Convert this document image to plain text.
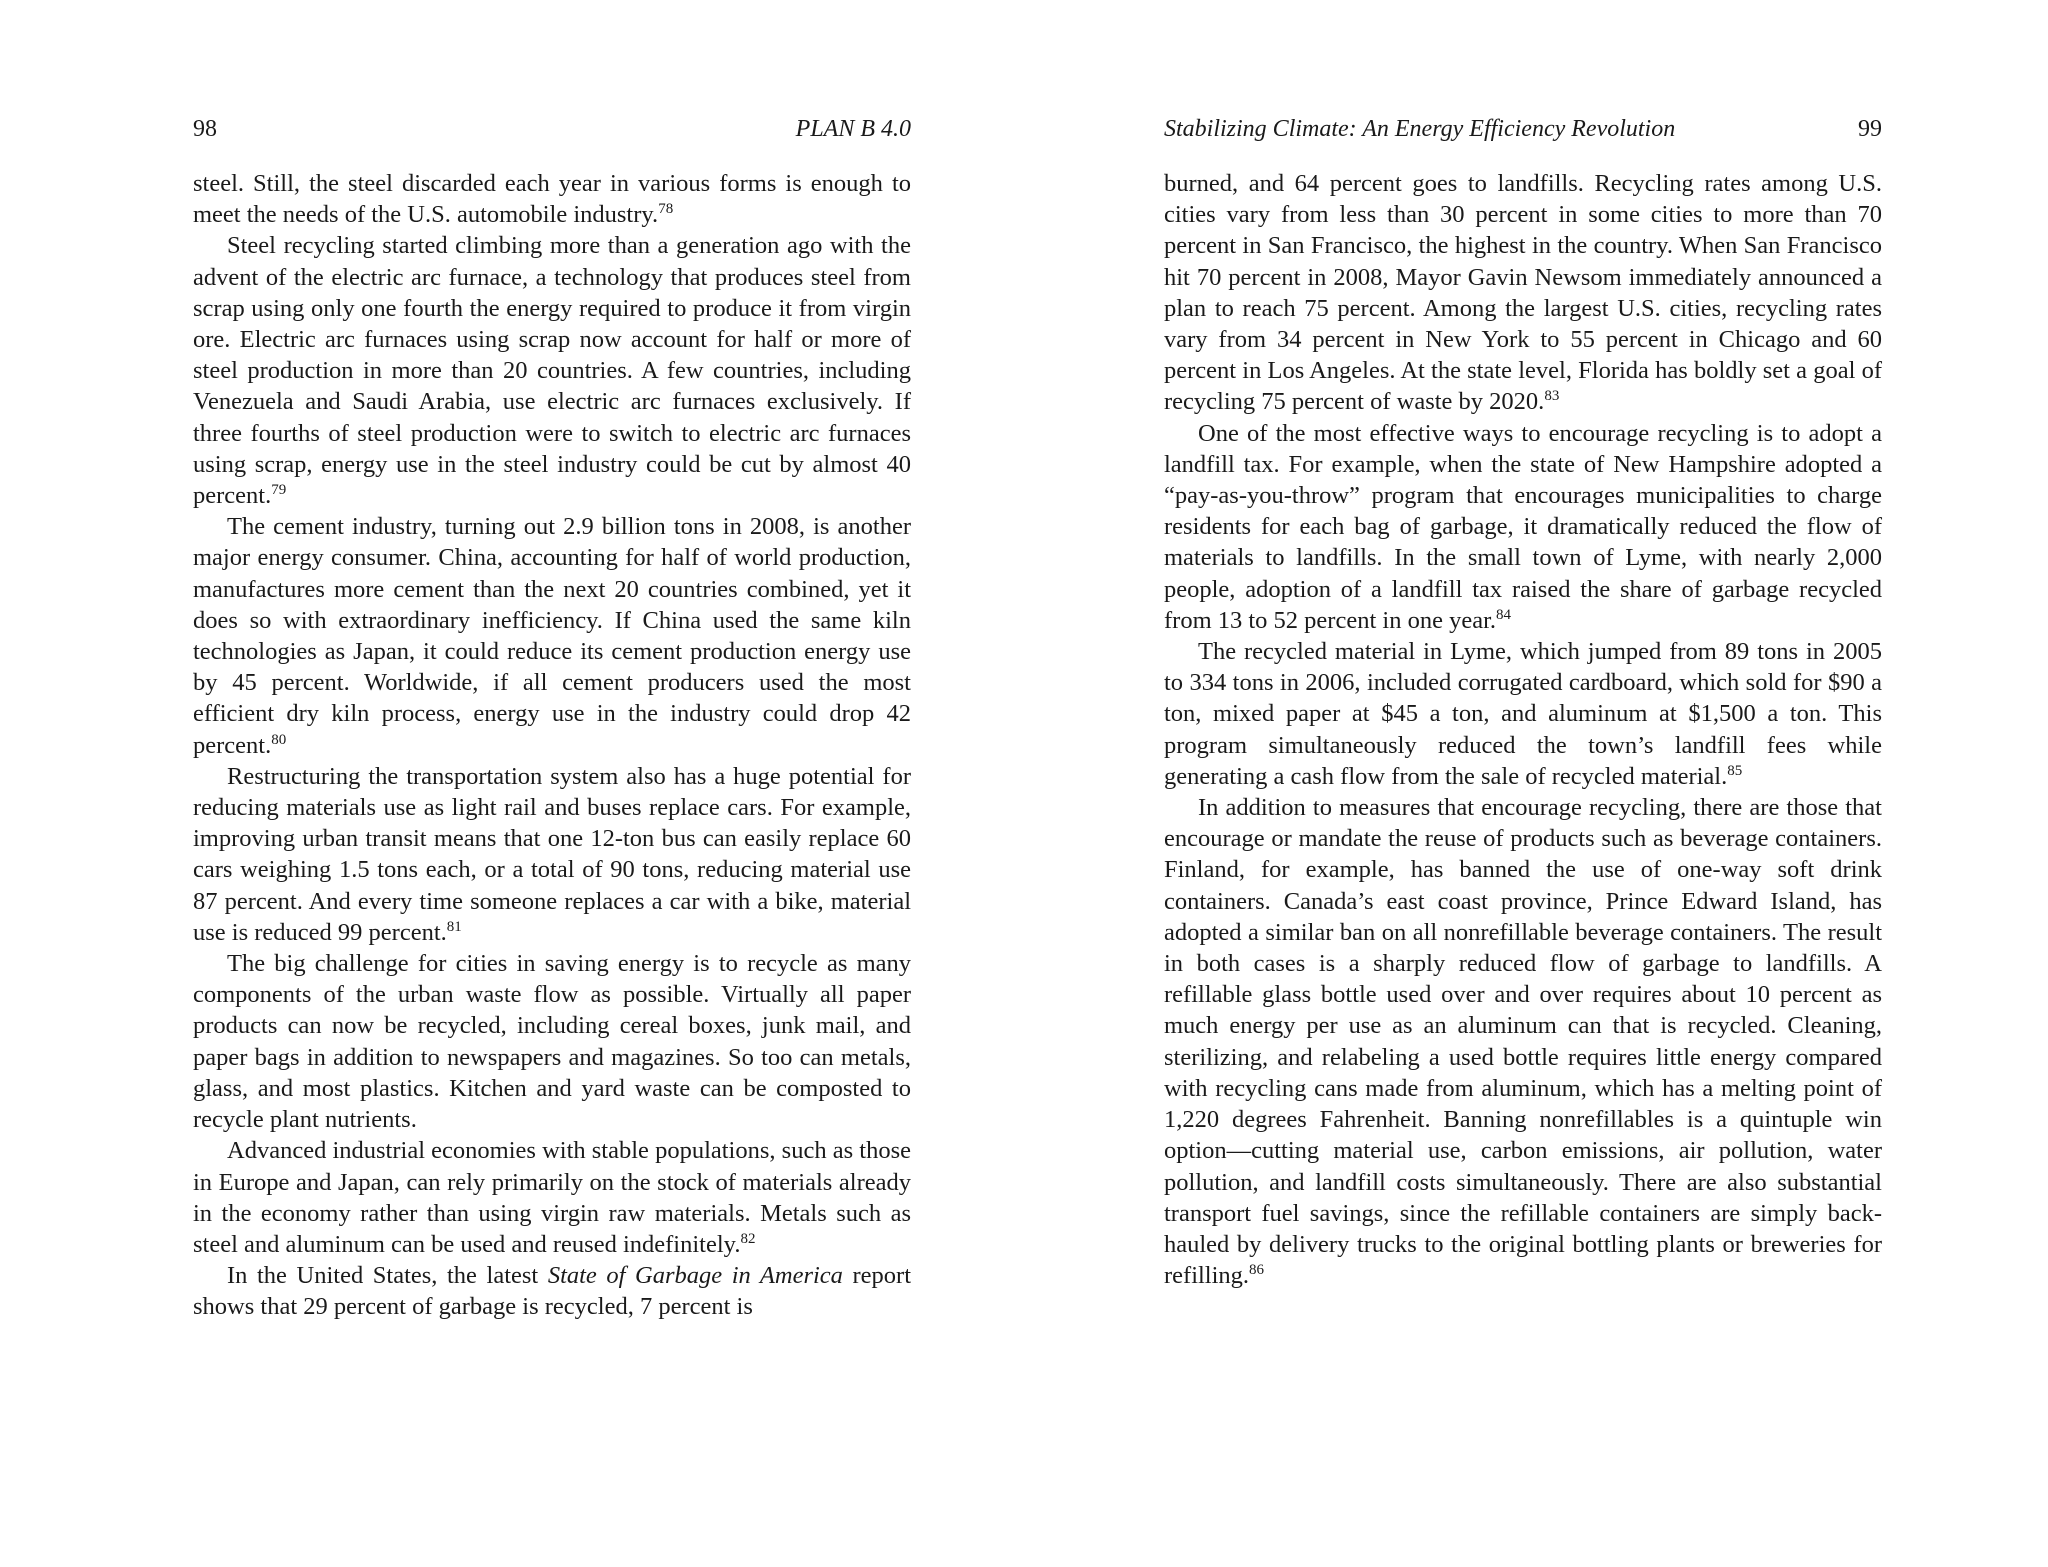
98	PLAN B 4.0

steel. Still, the steel discarded each year in various forms is enough to meet the needs of the U.S. automobile industry.$^{78}$

Steel recycling started climbing more than a generation ago with the advent of the electric arc furnace, a technology that produces steel from scrap using only one fourth the energy required to produce it from virgin ore. Electric arc furnaces using scrap now account for half or more of steel production in more than 20 countries. A few countries, including Venezuela and Saudi Arabia, use electric arc furnaces exclusively. If three fourths of steel production were to switch to electric arc furnaces using scrap, energy use in the steel industry could be cut by almost 40 percent.$^{79}$

The cement industry, turning out 2.9 billion tons in 2008, is another major energy consumer. China, accounting for half of world production, manufactures more cement than the next 20 countries combined, yet it does so with extraordinary inefficiency. If China used the same kiln technologies as Japan, it could reduce its cement production energy use by 45 percent. Worldwide, if all cement producers used the most efficient dry kiln process, energy use in the industry could drop 42 percent.$^{80}$

Restructuring the transportation system also has a huge potential for reducing materials use as light rail and buses replace cars. For example, improving urban transit means that one 12-ton bus can easily replace 60 cars weighing 1.5 tons each, or a total of 90 tons, reducing material use 87 percent. And every time someone replaces a car with a bike, material use is reduced 99 percent.$^{81}$

The big challenge for cities in saving energy is to recycle as many components of the urban waste flow as possible. Virtually all paper products can now be recycled, including cereal boxes, junk mail, and paper bags in addition to newspapers and magazines. So too can metals, glass, and most plastics. Kitchen and yard waste can be composted to recycle plant nutrients.

Advanced industrial economies with stable populations, such as those in Europe and Japan, can rely primarily on the stock of materials already in the economy rather than using virgin raw materials. Metals such as steel and aluminum can be used and reused indefinitely.$^{82}$

In the United States, the latest State of Garbage in America report shows that 29 percent of garbage is recycled, 7 percent is

Stabilizing Climate: An Energy Efficiency Revolution	99

burned, and 64 percent goes to landfills. Recycling rates among U.S. cities vary from less than 30 percent in some cities to more than 70 percent in San Francisco, the highest in the country. When San Francisco hit 70 percent in 2008, Mayor Gavin Newsom immediately announced a plan to reach 75 percent. Among the largest U.S. cities, recycling rates vary from 34 percent in New York to 55 percent in Chicago and 60 percent in Los Angeles. At the state level, Florida has boldly set a goal of recycling 75 percent of waste by 2020.83

One of the most effective ways to encourage recycling is to adopt a landfill tax. For example, when the state of New Hampshire adopted a “pay-as-you-throw” program that encourages municipalities to charge residents for each bag of garbage, it dramatically reduced the flow of materials to landfills. In the small town of Lyme, with nearly 2,000 people, adoption of a landfill tax raised the share of garbage recycled from 13 to 52 percent in one year.$^{84}$

The recycled material in Lyme, which jumped from 89 tons in 2005 to 334 tons in 2006, included corrugated cardboard, which sold for $90 a ton, mixed paper at $45 a ton, and aluminum at $1,500 a ton. This program simultaneously reduced the town’s landfill fees while generating a cash flow from the sale of recycled material.$^{85}$

In addition to measures that encourage recycling, there are those that encourage or mandate the reuse of products such as beverage containers. Finland, for example, has banned the use of one-way soft drink containers. Canada’s east coast province, Prince Edward Island, has adopted a similar ban on all nonrefillable beverage containers. The result in both cases is a sharply reduced flow of garbage to landfills. A refillable glass bottle used over and over requires about 10 percent as much energy per use as an aluminum can that is recycled. Cleaning, sterilizing, and relabeling a used bottle requires little energy compared with recycling cans made from aluminum, which has a melting point of 1,220 degrees Fahrenheit. Banning nonrefillables is a quintuple win option—cutting material use, carbon emissions, air pollution, water pollution, and landfill costs simultaneously. There are also substantial transport fuel savings, since the refillable containers are simply back-hauled by delivery trucks to the original bottling plants or breweries for refilling.$^{86}$
